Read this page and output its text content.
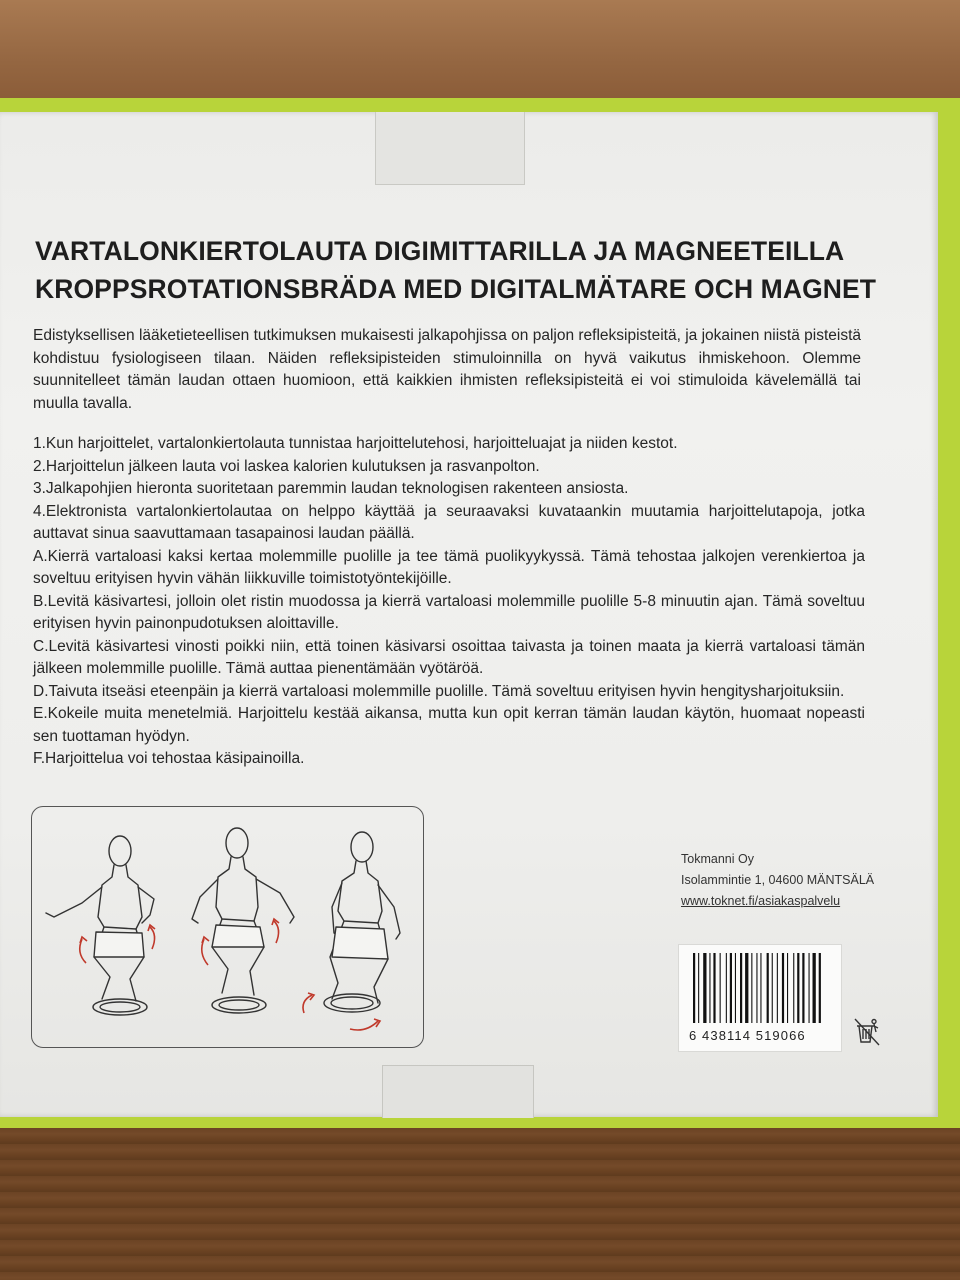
VARTALONKIERTOLAUTA DIGIMITTARILLA JA MAGNEETEILLA
KROPPSROTATIONSBRÄDA MED DIGITALMÄTARE OCH MAGNET

Edistyksellisen lääketieteellisen tutkimuksen mukaisesti jalkapohjissa on paljon refleksipisteitä, ja jokainen niistä pisteistä kohdistuu fysiologiseen tilaan. Näiden refleksipisteiden stimuloinnilla on hyvä vaikutus ihmiskehoon. Olemme suunnitelleet tämän laudan ottaen huomioon, että kaikkien ihmisten refleksipisteitä ei voi stimuloida kävelemällä tai muulla tavalla.

1.Kun harjoittelet, vartalonkiertolauta tunnistaa harjoittelutehosi, harjoitteluajat ja niiden kestot.

2.Harjoittelun jälkeen lauta voi laskea kalorien kulutuksen ja rasvanpolton.

3.Jalkapohjien hieronta suoritetaan paremmin laudan teknologisen rakenteen ansiosta.

4.Elektronista vartalonkiertolautaa on helppo käyttää ja seuraavaksi kuvataankin muutamia harjoittelutapoja, jotka auttavat sinua saavuttamaan tasapainosi laudan päällä.

A.Kierrä vartaloasi kaksi kertaa molemmille puolille ja tee tämä puolikyykyssä. Tämä tehostaa jalkojen verenkiertoa ja soveltuu erityisen hyvin vähän liikkuville toimistotyöntekijöille.

B.Levitä käsivartesi, jolloin olet ristin muodossa ja kierrä vartaloasi molemmille puolille 5-8 minuutin ajan. Tämä soveltuu erityisen hyvin painonpudotuksen aloittaville.

C.Levitä käsivartesi vinosti poikki niin, että toinen käsivarsi osoittaa taivasta ja toinen maata ja kierrä vartaloasi tämän jälkeen molemmille puolille. Tämä auttaa pienentämään vyötäröä.

D.Taivuta itseäsi eteenpäin ja kierrä vartaloasi molemmille puolille. Tämä soveltuu erityisen hyvin hengitysharjoituksiin.

E.Kokeile muita menetelmiä. Harjoittelu kestää aikansa, mutta kun opit kerran tämän laudan käytön, huomaat nopeasti sen tuottaman hyödyn.

F.Harjoittelua voi tehostaa käsipainoilla.

Tokmanni Oy
Isolammintie 1, 04600 MÄNTSÄLÄ
www.toknet.fi/asiakaspalvelu
6 438114 519066
